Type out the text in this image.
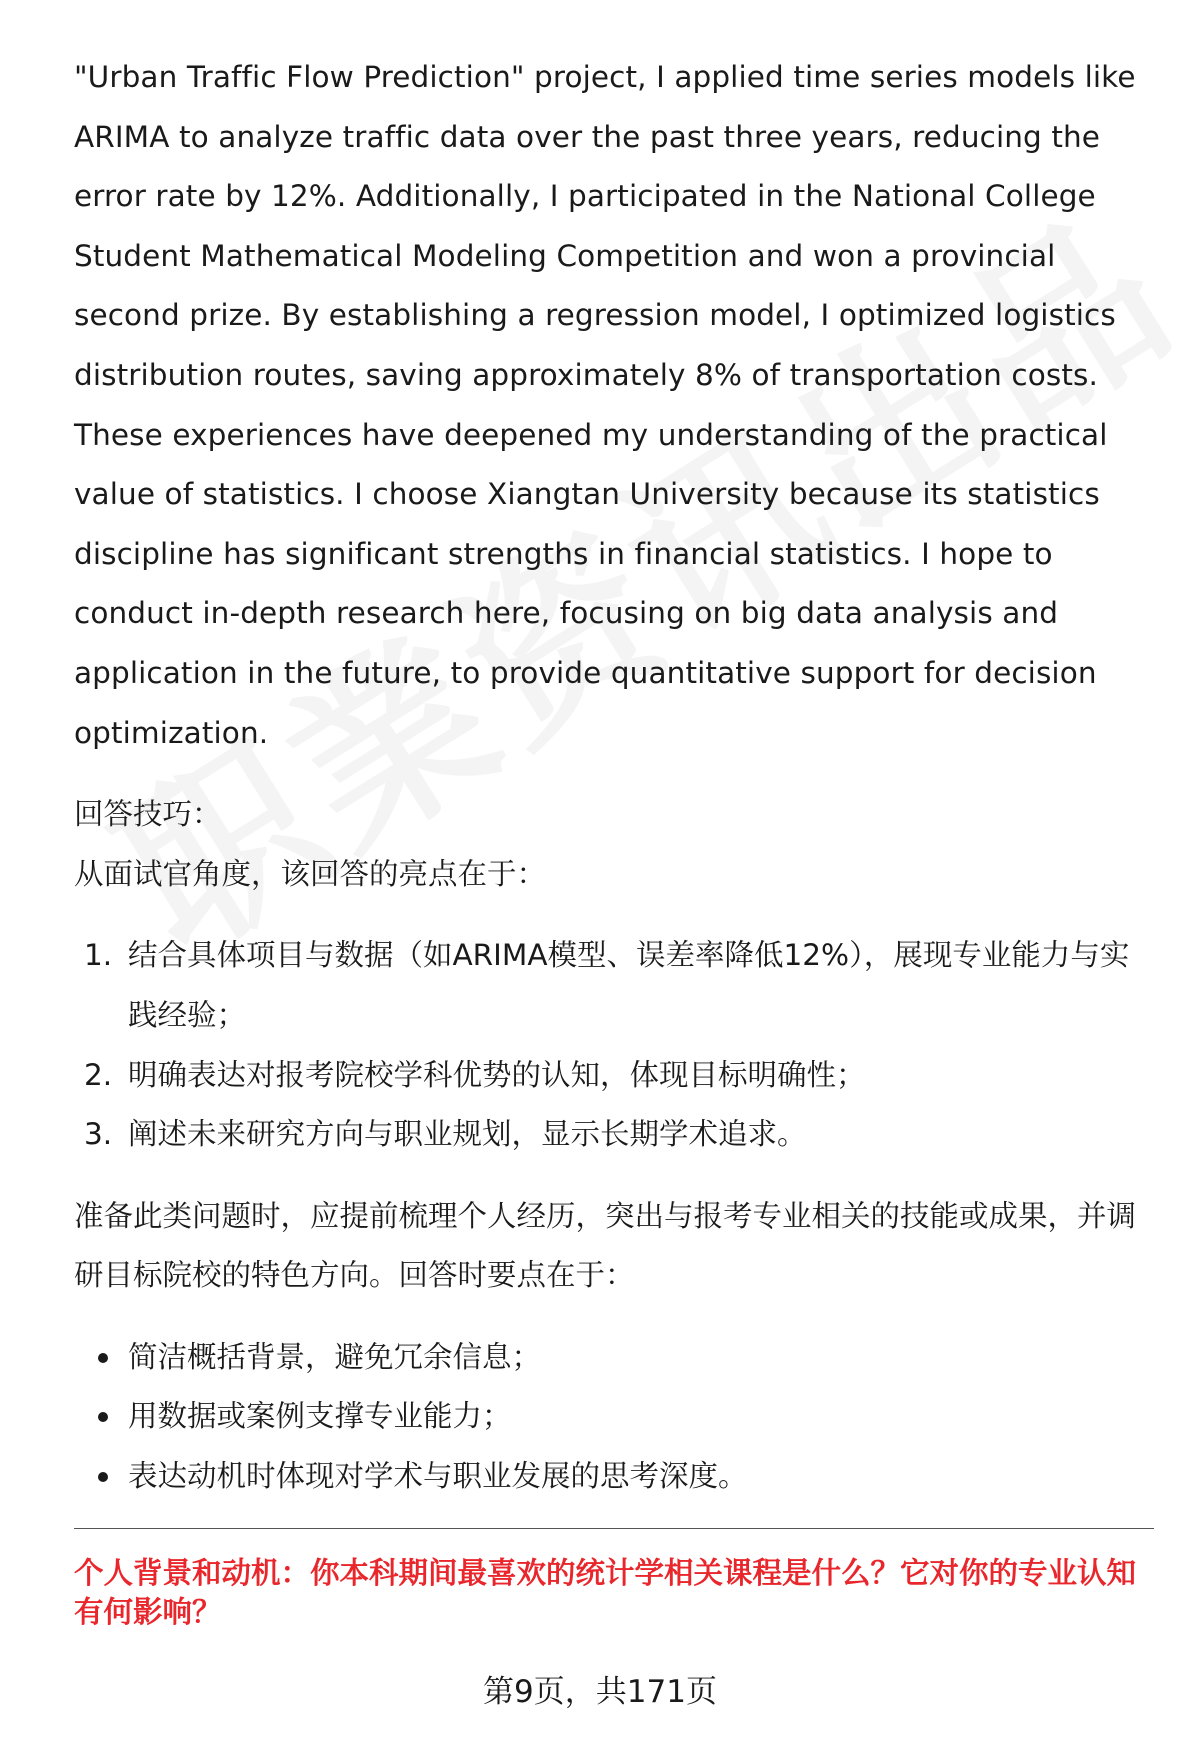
"Urban Traffic Flow Prediction" project, I applied time series models like ARIMA to analyze traffic data over the past three years, reducing the error rate by 12%. Additionally, I participated in the National College Student Mathematical Modeling Competition and won a provincial second prize. By establishing a regression model, I optimized logistics distribution routes, saving approximately 8% of transportation costs. These experiences have deepened my understanding of the practical value of statistics. I choose Xiangtan University because its statistics discipline has significant strengths in financial statistics. I hope to conduct in-depth research here, focusing on big data analysis and application in the future, to provide quantitative support for decision optimization.

回答技巧：

从面试官角度，该回答的亮点在于：

1. 结合具体项目与数据（如ARIMA模型、误差率降低12%），展现专业能力与实践经验；
2. 明确表达对报考院校学科优势的认知，体现目标明确性；
3. 阐述未来研究方向与职业规划，显示长期学术追求。

准备此类问题时，应提前梳理个人经历，突出与报考专业相关的技能或成果，并调研目标院校的特色方向。回答时要点在于：

简洁概括背景，避免冗余信息；
用数据或案例支撑专业能力；
表达动机时体现对学术与职业发展的思考深度。

个人背景和动机：你本科期间最喜欢的统计学相关课程是什么？它对你的专业认知有何影响？

第9页，共171页
